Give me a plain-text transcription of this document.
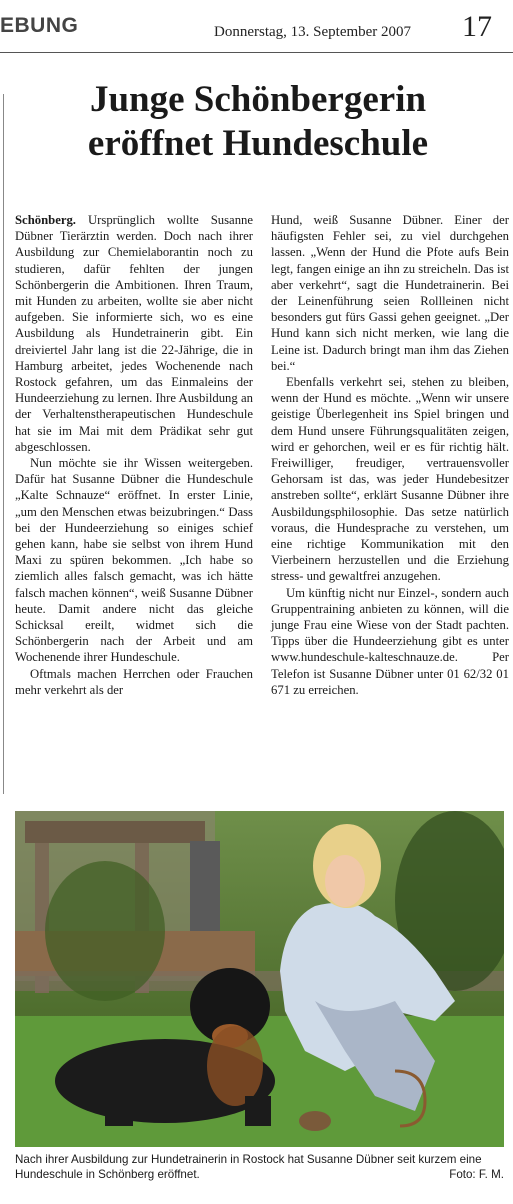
EBUNG	Donnerstag, 13. September 2007 17
Junge Schönbergerin
eröffnet Hundeschule

Schönberg. Ursprünglich wollte Susanne Dübner Tierärztin werden. Doch nach ihrer Ausbildung zur Chemielaborantin noch zu studieren, dafür fehlten der jungen Schönbergerin die Ambitionen. Ihren Traum, mit Hunden zu arbeiten, wollte sie aber nicht aufgeben. Sie informierte sich, wo es eine Ausbildung als Hundetrainerin gibt. Ein dreiviertel Jahr lang ist die 22-Jährige, die in Hamburg arbeitet, jedes Wochenende nach Rostock gefahren, um das Einmaleins der Hundeerziehung zu lernen. Ihre Ausbildung an der Verhaltenstherapeutischen Hundeschule hat sie im Mai mit dem Prädikat sehr gut abgeschlossen.

Nun möchte sie ihr Wissen weitergeben. Dafür hat Susanne Dübner die Hundeschule „Kalte Schnauze“ eröffnet. In erster Linie, „um den Menschen etwas beizubringen.“ Dass bei der Hundeerziehung so einiges schief gehen kann, habe sie selbst von ihrem Hund Maxi zu spüren bekommen. „Ich habe so ziemlich alles falsch gemacht, was ich hätte falsch machen können“, weiß Susanne Dübner heute. Damit andere nicht das gleiche Schicksal ereilt, widmet sich die Schönbergerin nach der Arbeit und am Wochenende ihrer Hundeschule.

Oftmals machen Herrchen oder Frauchen mehr verkehrt als der

Hund, weiß Susanne Dübner. Einer der häufigsten Fehler sei, zu viel durchgehen lassen. „Wenn der Hund die Pfote aufs Bein legt, fangen einige an ihn zu streicheln. Das ist aber verkehrt“, sagt die Hundetrainerin. Bei der Leinenführung seien Rollleinen nicht besonders gut fürs Gassi gehen geeignet. „Der Hund kann sich nicht merken, wie lang die Leine ist. Dadurch bringt man ihm das Ziehen bei.“

Ebenfalls verkehrt sei, stehen zu bleiben, wenn der Hund es möchte. „Wenn wir unsere geistige Überlegenheit ins Spiel bringen und dem Hund unsere Führungsqualitäten zeigen, wird er gehorchen, weil er es für richtig hält. Freiwilliger, freudiger, vertrauensvoller Gehorsam ist das, was jeder Hundebesitzer anstreben sollte“, erklärt Susanne Dübner ihre Ausbildungsphilosophie. Das setze natürlich voraus, die Hundesprache zu verstehen, um eine richtige Kommunikation mit den Vierbeinern herzustellen und die Erziehung stress- und gewaltfrei anzugehen.

Um künftig nicht nur Einzel-, sondern auch Gruppentraining anbieten zu können, will die junge Frau eine Wiese von der Stadt pachten. Tipps über die Hundeerziehung gibt es unter www.hundeschule-kalteschnauze.de. Per Telefon ist Susanne Dübner unter 01 62/32 01 671 zu erreichen.

Nach ihrer Ausbildung zur Hundetrainerin in Rostock hat Susanne Dübner seit kurzem eine Hundeschule in Schönberg eröffnet.	Foto: F. M.
